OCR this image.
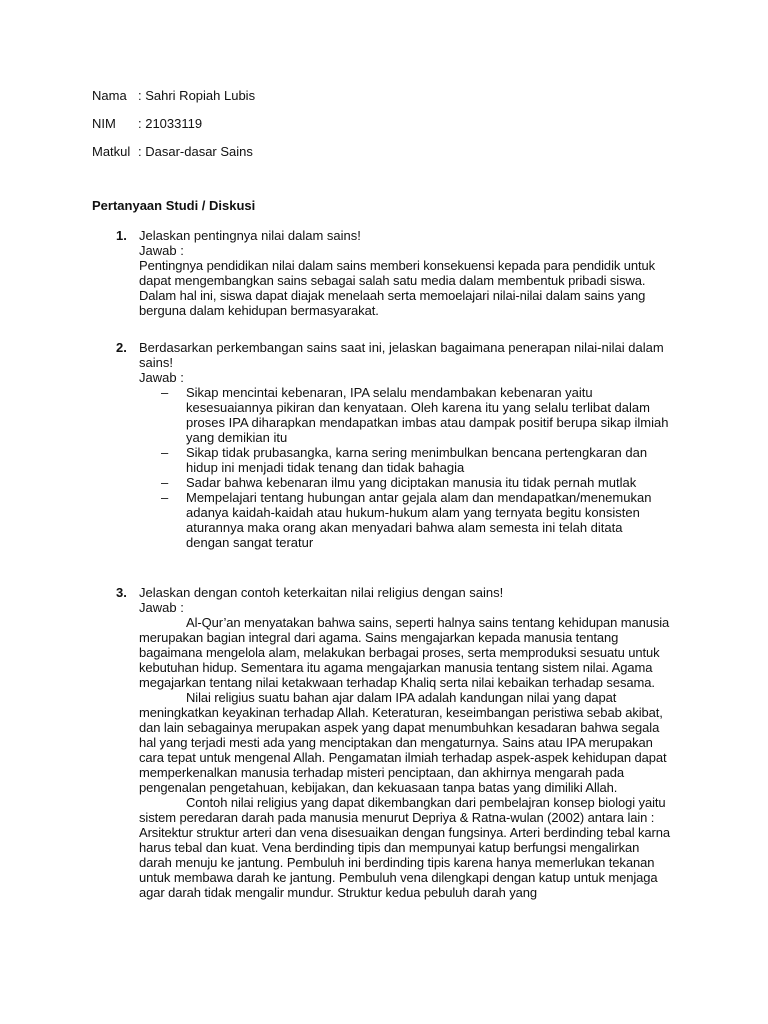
Nama : Sahri Ropiah Lubis
NIM : 21033119
Matkul : Dasar-dasar Sains
Pertanyaan Studi / Diskusi
1. Jelaskan pentingnya nilai dalam sains!

Jawab :

Pentingnya pendidikan nilai dalam sains memberi konsekuensi kepada para pendidik untuk dapat mengembangkan sains sebagai salah satu media dalam membentuk pribadi siswa. Dalam hal ini, siswa dapat diajak menelaah serta memoelajari nilai-nilai dalam sains yang berguna dalam kehidupan bermasyarakat.

2. Berdasarkan perkembangan sains saat ini, jelaskan bagaimana penerapan nilai-nilai dalam sains!

Jawab :

– Sikap mencintai kebenaran, IPA selalu mendambakan kebenaran yaitu kesesuaiannya pikiran dan kenyataan. Oleh karena itu yang selalu terlibat dalam proses IPA diharapkan mendapatkan imbas atau dampak positif berupa sikap ilmiah yang demikian itu
– Sikap tidak prubasangka, karna sering menimbulkan bencana pertengkaran dan hidup ini menjadi tidak tenang dan tidak bahagia
– Sadar bahwa kebenaran ilmu yang diciptakan manusia itu tidak pernah mutlak
– Mempelajari tentang hubungan antar gejala alam dan mendapatkan/menemukan adanya kaidah-kaidah atau hukum-hukum alam yang ternyata begitu konsisten aturannya maka orang akan menyadari bahwa alam semesta ini telah ditata dengan sangat teratur
3. Jelaskan dengan contoh keterkaitan nilai religius dengan sains!

Jawab :

Al-Qur’an menyatakan bahwa sains, seperti halnya sains tentang kehidupan manusia merupakan bagian integral dari agama. Sains mengajarkan kepada manusia tentang bagaimana mengelola alam, melakukan berbagai proses, serta memproduksi sesuatu untuk kebutuhan hidup. Sementara itu agama mengajarkan manusia tentang sistem nilai. Agama megajarkan tentang nilai ketakwaan terhadap Khaliq serta nilai kebaikan terhadap sesama.

Nilai religius suatu bahan ajar dalam IPA adalah kandungan nilai yang dapat meningkatkan keyakinan terhadap Allah. Keteraturan, keseimbangan peristiwa sebab akibat, dan lain sebagainya merupakan aspek yang dapat menumbuhkan kesadaran bahwa segala hal yang terjadi mesti ada yang menciptakan dan mengaturnya. Sains atau IPA merupakan cara tepat untuk mengenal Allah. Pengamatan ilmiah terhadap aspek-aspek kehidupan dapat memperkenalkan manusia terhadap misteri penciptaan, dan akhirnya mengarah pada pengenalan pengetahuan, kebijakan, dan kekuasaan tanpa batas yang dimiliki Allah.

Contoh nilai religius yang dapat dikembangkan dari pembelajran konsep biologi yaitu sistem peredaran darah pada manusia menurut Depriya & Ratna-wulan (2002) antara lain : Arsitektur struktur arteri dan vena disesuaikan dengan fungsinya. Arteri berdinding tebal karna harus tebal dan kuat. Vena berdinding tipis dan mempunyai katup berfungsi mengalirkan darah menuju ke jantung. Pembuluh ini berdinding tipis karena hanya memerlukan tekanan untuk membawa darah ke jantung. Pembuluh vena dilengkapi dengan katup untuk menjaga agar darah tidak mengalir mundur. Struktur kedua pebuluh darah yang
